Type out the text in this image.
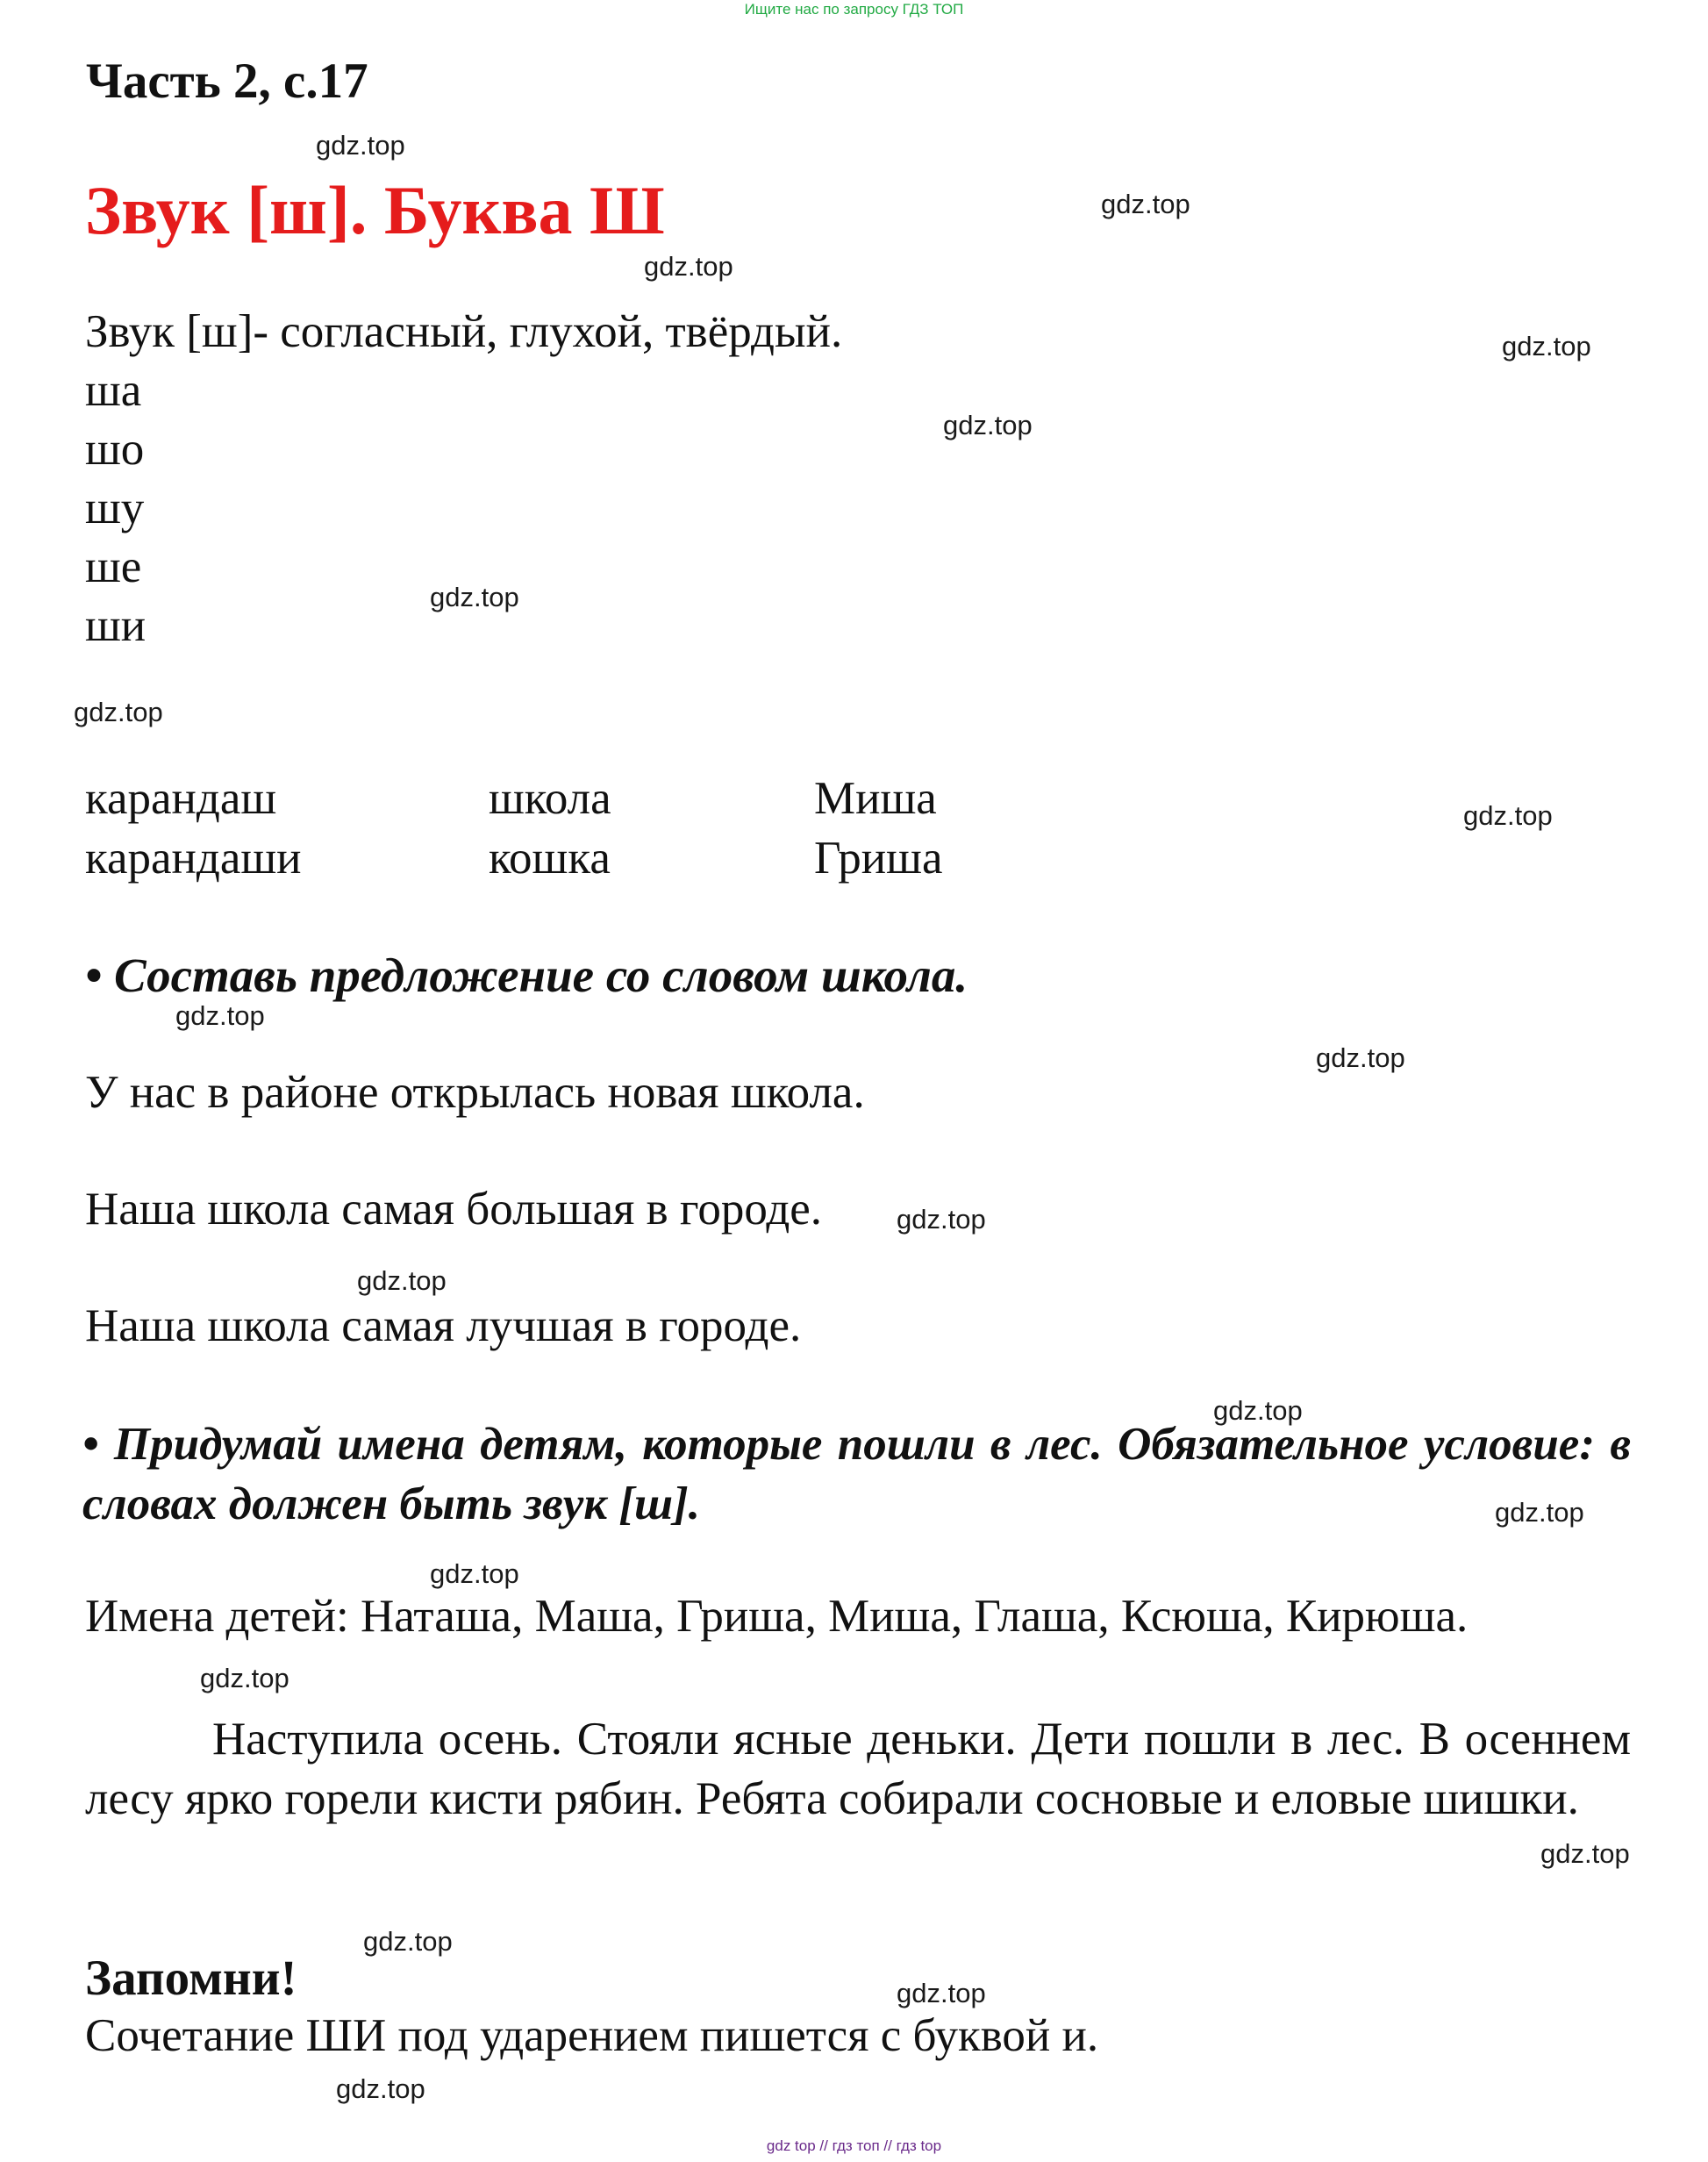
Ищите нас по запросу ГДЗ ТОП
gdz top // гдз топ // гдз top
Часть 2, с.17
Звук [ш]. Буква Ш
Звук [ш]- согласный, глухой, твёрдый.
ша
шо
шу
ше
ши
карандаш
карандаши
школа
кошка
Миша
Гриша
• Составь предложение со словом школа.
У нас в районе открылась новая школа.
Наша школа самая большая в городе.
Наша школа самая лучшая в городе.

• Придумай имена детям, которые пошли в лес. Обязательное условие: в словах должен быть звук [ш].

Имена детей: Наташа, Маша, Гриша, Миша, Глаша, Ксюша, Кирюша.

Наступила осень. Стояли ясные деньки. Дети пошли в лес. В осеннем лесу ярко горели кисти рябин. Ребята собирали сосновые и еловые шишки.

Запомни!
Сочетание ШИ под ударением пишется с буквой и.
gdz.top
gdz.top
gdz.top
gdz.top
gdz.top
gdz.top
gdz.top
gdz.top
gdz.top
gdz.top
gdz.top
gdz.top
gdz.top
gdz.top
gdz.top
gdz.top
gdz.top
gdz.top
gdz.top
gdz.top
